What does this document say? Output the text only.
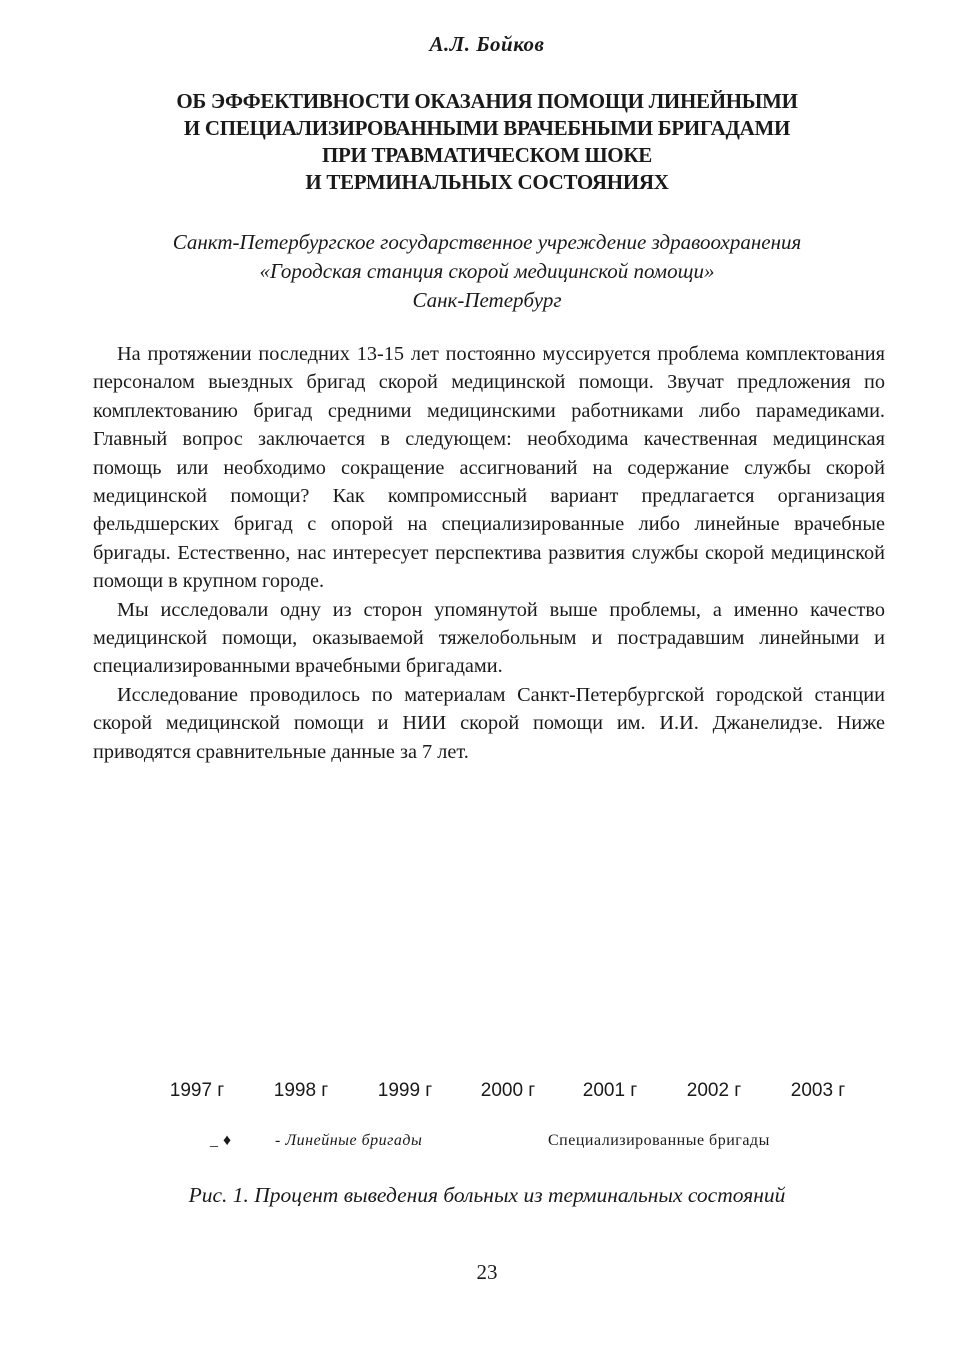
А.Л. Бойков
ОБ ЭФФЕКТИВНОСТИ ОКАЗАНИЯ ПОМОЩИ ЛИНЕЙНЫМИ
И СПЕЦИАЛИЗИРОВАННЫМИ ВРАЧЕБНЫМИ БРИГАДАМИ
ПРИ ТРАВМАТИЧЕСКОМ ШОКЕ
И ТЕРМИНАЛЬНЫХ СОСТОЯНИЯХ
Санкт-Петербургское государственное учреждение здравоохранения
«Городская станция скорой медицинской помощи»
Санк-Петербург

На протяжении последних 13-15 лет постоянно муссируется проблема комплектования персоналом выездных бригад скорой медицинской помощи. Звучат предложения по комплектованию бригад средними медицинскими работниками либо парамедиками. Главный вопрос заключается в следующем: необходима качественная медицинская помощь или необходимо сокращение ассигнований на содержание службы скорой медицинской помощи? Как компромиссный вариант предлагается организация фельдшерских бригад с опорой на специализированные либо линейные врачебные бригады. Естественно, нас интересует перспектива развития службы скорой медицинской помощи в крупном городе.

Мы исследовали одну из сторон упомянутой выше проблемы, а именно качество медицинской помощи, оказываемой тяжелобольным и пострадавшим линейными и специализированными врачебными бригадами.

Исследование проводилось по материалам Санкт-Петербургской городской станции скорой медицинской помощи и НИИ скорой помощи им. И.И. Джанелидзе. Ниже приводятся сравнительные данные за 7 лет.

1997 г	1998 г	1999 г	2000 г	2001 г	2002 г	2003 г
_ ♦	- Линейные бригады	Специализированные бригады
Рис. 1. Процент выведения больных из терминальных состояний
23
